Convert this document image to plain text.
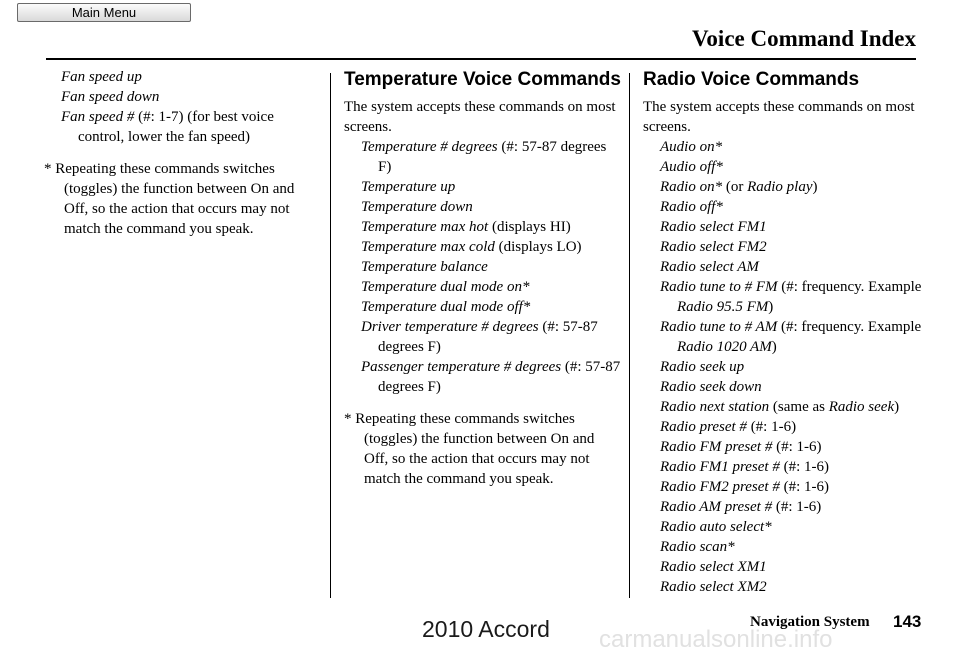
Main Menu
Voice Command Index
Fan speed up
Fan speed down
Fan speed # (#: 1-7) (for best voice control, lower the fan speed)
* Repeating these commands switches (toggles) the function between On and Off, so the action that occurs may not match the command you speak.
Temperature Voice Commands

The system accepts these commands on most screens.

Temperature # degrees (#: 57-87 degrees F)
Temperature up
Temperature down
Temperature max hot (displays HI)
Temperature max cold (displays LO)
Temperature balance
Temperature dual mode on*
Temperature dual mode off*
Driver temperature # degrees (#: 57-87 degrees F)
Passenger temperature # degrees (#: 57-87 degrees F)
* Repeating these commands switches (toggles) the function between On and Off, so the action that occurs may not match the command you speak.
Radio Voice Commands

The system accepts these commands on most screens.

Audio on*
Audio off*
Radio on* (or Radio play)
Radio off*
Radio select FM1
Radio select FM2
Radio select AM
Radio tune to # FM (#: frequency. Example Radio 95.5 FM)
Radio tune to # AM (#: frequency. Example Radio 1020 AM)
Radio seek up
Radio seek down
Radio next station (same as Radio seek)
Radio preset # (#: 1-6)
Radio FM preset # (#: 1-6)
Radio FM1 preset # (#: 1-6)
Radio FM2 preset # (#: 1-6)
Radio AM preset # (#: 1-6)
Radio auto select*
Radio scan*
Radio select XM1
Radio select XM2
2010 Accord carmanualsonline.info
Navigation System 143
